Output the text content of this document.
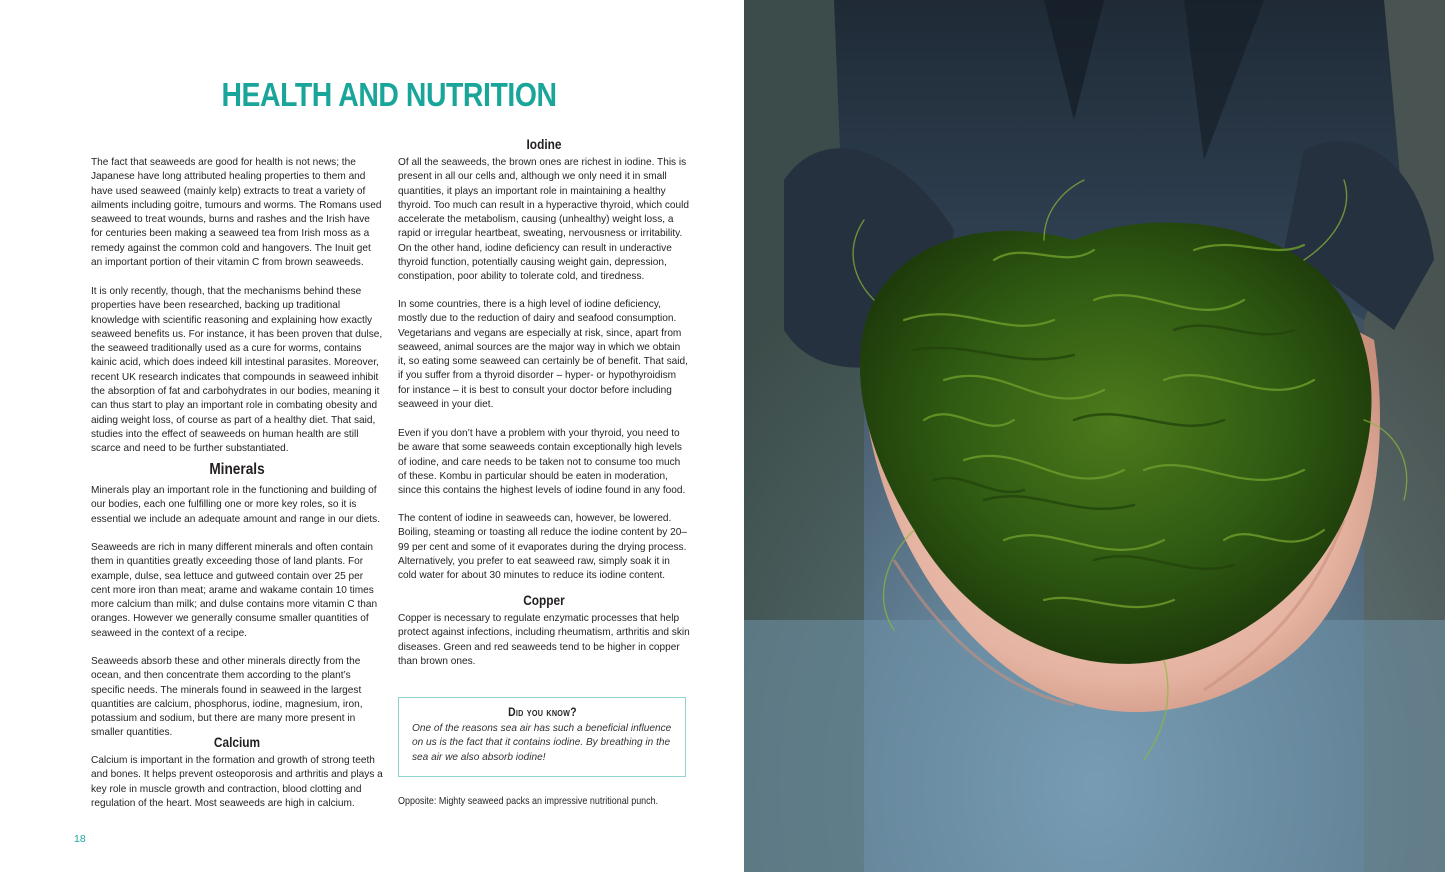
HEALTH AND NUTRITION

The fact that seaweeds are good for health is not news; the Japanese have long attributed healing properties to them and have used seaweed (mainly kelp) extracts to treat a variety of ailments including goitre, tumours and worms. The Romans used seaweed to treat wounds, burns and rashes and the Irish have for centuries been making a seaweed tea from Irish moss as a remedy against the common cold and hangovers. The Inuit get an important portion of their vitamin C from brown seaweeds.

It is only recently, though, that the mechanisms behind these properties have been researched, backing up traditional knowledge with scientific reasoning and explaining how exactly seaweed benefits us. For instance, it has been proven that dulse, the seaweed traditionally used as a cure for worms, contains kainic acid, which does indeed kill intestinal parasites. Moreover, recent UK research indicates that compounds in seaweed inhibit the absorption of fat and carbohydrates in our bodies, meaning it can thus start to play an important role in combating obesity and aiding weight loss, of course as part of a healthy diet. That said, studies into the effect of seaweeds on human health are still scarce and need to be further substantiated.

Minerals

Minerals play an important role in the functioning and building of our bodies, each one fulfilling one or more key roles, so it is essential we include an adequate amount and range in our diets.

Seaweeds are rich in many different minerals and often contain them in quantities greatly exceeding those of land plants. For example, dulse, sea lettuce and gutweed contain over 25 per cent more iron than meat; arame and wakame contain 10 times more calcium than milk; and dulse contains more vitamin C than oranges. However we generally consume smaller quantities of seaweed in the context of a recipe.

Seaweeds absorb these and other minerals directly from the ocean, and then concentrate them according to the plant’s specific needs. The minerals found in seaweed in the largest quantities are calcium, phosphorus, iodine, magnesium, iron, potassium and sodium, but there are many more present in smaller quantities.

Calcium

Calcium is important in the formation and growth of strong teeth and bones. It helps prevent osteoporosis and arthritis and plays a key role in muscle growth and contraction, blood clotting and regulation of the heart. Most seaweeds are high in calcium.

Iodine

Of all the seaweeds, the brown ones are richest in iodine. This is present in all our cells and, although we only need it in small quantities, it plays an important role in maintaining a healthy thyroid. Too much can result in a hyperactive thyroid, which could accelerate the metabolism, causing (unhealthy) weight loss, a rapid or irregular heartbeat, sweating, nervousness or irritability. On the other hand, iodine deficiency can result in underactive thyroid function, potentially causing weight gain, depression, constipation, poor ability to tolerate cold, and tiredness.

In some countries, there is a high level of iodine deficiency, mostly due to the reduction of dairy and seafood consumption. Vegetarians and vegans are especially at risk, since, apart from seaweed, animal sources are the major way in which we obtain it, so eating some seaweed can certainly be of benefit. That said, if you suffer from a thyroid disorder – hyper- or hypothyroidism for instance – it is best to consult your doctor before including seaweed in your diet.

Even if you don’t have a problem with your thyroid, you need to be aware that some seaweeds contain exceptionally high levels of iodine, and care needs to be taken not to consume too much of these. Kombu in particular should be eaten in moderation, since this contains the highest levels of iodine found in any food.

The content of iodine in seaweeds can, however, be lowered. Boiling, steaming or toasting all reduce the iodine content by 20–99 per cent and some of it evaporates during the drying process. Alternatively, you prefer to eat seaweed raw, simply soak it in cold water for about 30 minutes to reduce its iodine content.

Copper

Copper is necessary to regulate enzymatic processes that help protect against infections, including rheumatism, arthritis and skin diseases. Green and red seaweeds tend to be higher in copper than brown ones.

Did you know?

One of the reasons sea air has such a beneficial influence on us is the fact that it contains iodine. By breathing in the sea air we also absorb iodine!

Opposite: Mighty seaweed packs an impressive nutritional punch.

18
